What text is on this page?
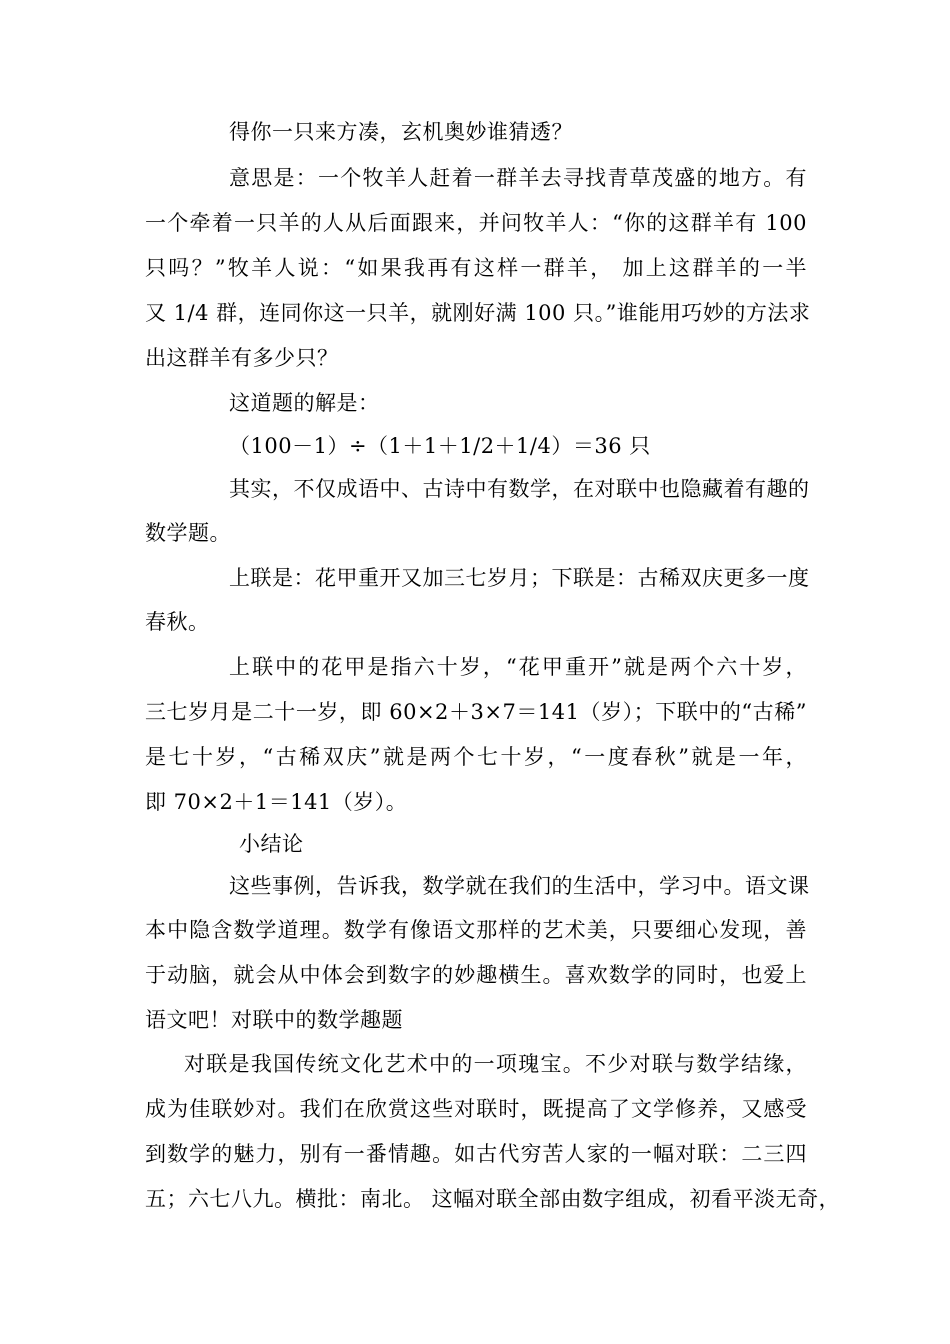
得你一只来方凑，玄机奥妙谁猜透？
意思是：一个牧羊人赶着一群羊去寻找青草茂盛的地方。有
一个牵着一只羊的人从后面跟来，并问牧羊人：“你的这群羊有 100
只吗？”牧羊人说：“如果我再有这样一群羊， 加上这群羊的一半
又 1/4 群，连同你这一只羊，就刚好满 100 只。”谁能用巧妙的方法求
出这群羊有多少只？
这道题的解是：
（100－1）÷（1＋1＋1/2＋1/4）＝36 只
其实，不仅成语中、古诗中有数学，在对联中也隐藏着有趣的
数学题。
上联是：花甲重开又加三七岁月；下联是：古稀双庆更多一度
春秋。
上联中的花甲是指六十岁，“花甲重开”就是两个六十岁，
三七岁月是二十一岁，即 60×2＋3×7＝141（岁）；下联中的“古稀”
是七十岁，“古稀双庆”就是两个七十岁，“一度春秋”就是一年，
即 70×2＋1＝141（岁）。
小结论
这些事例，告诉我，数学就在我们的生活中，学习中。语文课
本中隐含数学道理。数学有像语文那样的艺术美，只要细心发现，善
于动脑，就会从中体会到数字的妙趣横生。喜欢数学的同时，也爱上
语文吧！对联中的数学趣题
对联是我国传统文化艺术中的一项瑰宝。不少对联与数学结缘，
成为佳联妙对。我们在欣赏这些对联时，既提高了文学修养，又感受
到数学的魅力，别有一番情趣。如古代穷苦人家的一幅对联：二三四
五；六七八九。横批：南北。 这幅对联全部由数字组成，初看平淡无奇，
